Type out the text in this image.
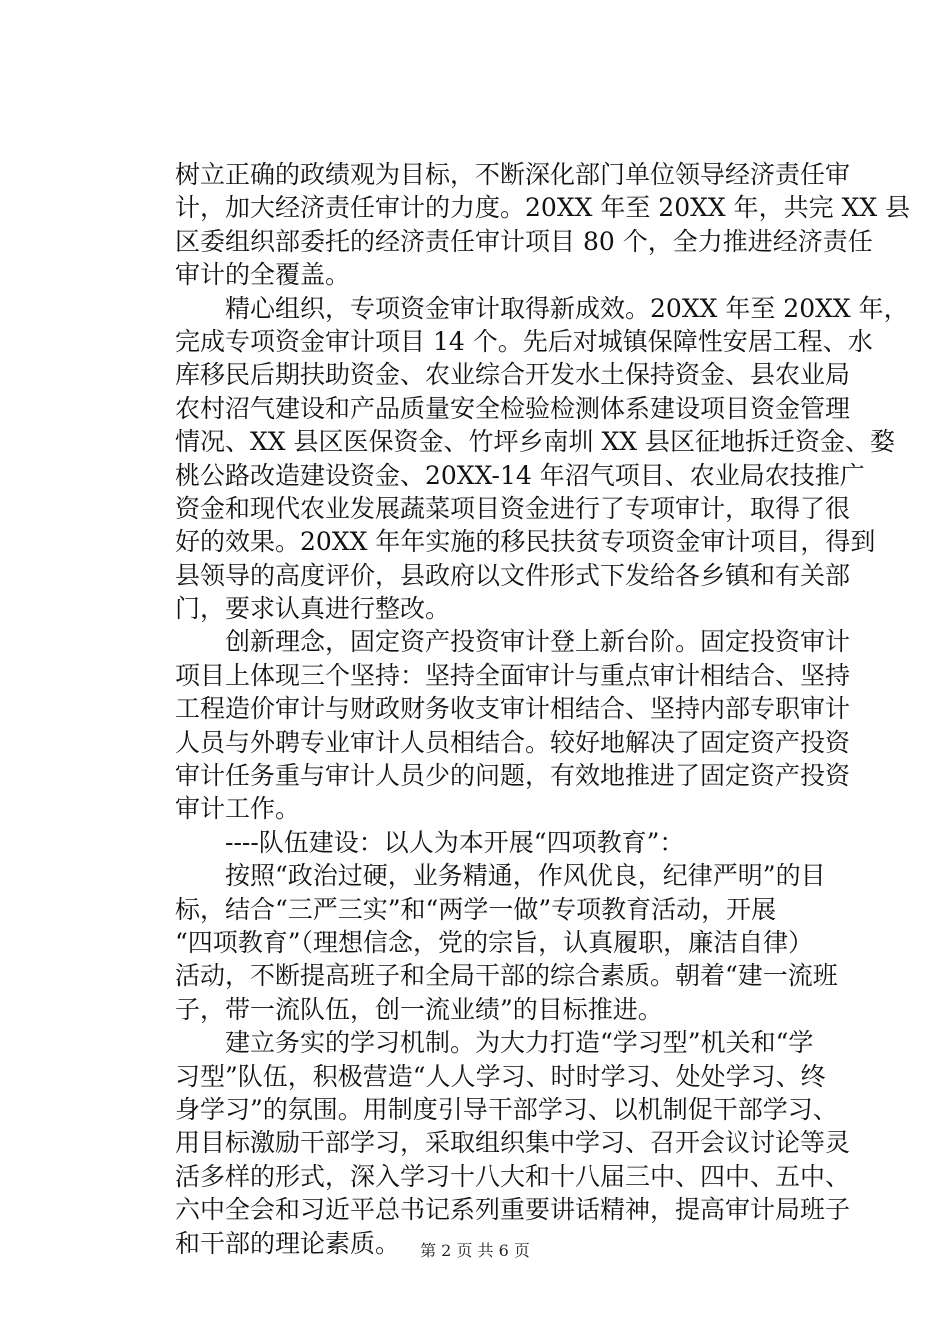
树立正确的政绩观为目标，不断深化部门单位领导经济责任审
计，加大经济责任审计的力度。20XX 年至 20XX 年，共完 XX 县
区委组织部委托的经济责任审计项目 80 个，全力推进经济责任
审计的全覆盖。
　　精心组织，专项资金审计取得新成效。20XX 年至 20XX 年，
完成专项资金审计项目 14 个。先后对城镇保障性安居工程、水
库移民后期扶助资金、农业综合开发水土保持资金、县农业局
农村沼气建设和产品质量安全检验检测体系建设项目资金管理
情况、XX 县区医保资金、竹坪乡南圳 XX 县区征地拆迁资金、婺
桃公路改造建设资金、20XX-14 年沼气项目、农业局农技推广
资金和现代农业发展蔬菜项目资金进行了专项审计，取得了很
好的效果。20XX 年年实施的移民扶贫专项资金审计项目，得到
县领导的高度评价，县政府以文件形式下发给各乡镇和有关部
门，要求认真进行整改。
　　创新理念，固定资产投资审计登上新台阶。固定投资审计
项目上体现三个坚持：坚持全面审计与重点审计相结合、坚持
工程造价审计与财政财务收支审计相结合、坚持内部专职审计
人员与外聘专业审计人员相结合。较好地解决了固定资产投资
审计任务重与审计人员少的问题，有效地推进了固定资产投资
审计工作。
　　----队伍建设：以人为本开展“四项教育”：
　　按照“政治过硬，业务精通，作风优良，纪律严明”的目
标，结合“三严三实”和“两学一做”专项教育活动，开展
“四项教育”（理想信念，党的宗旨，认真履职，廉洁自律）
活动，不断提高班子和全局干部的综合素质。朝着“建一流班
子，带一流队伍，创一流业绩”的目标推进。
　　建立务实的学习机制。为大力打造“学习型”机关和“学
习型”队伍，积极营造“人人学习、时时学习、处处学习、终
身学习”的氛围。用制度引导干部学习、以机制促干部学习、
用目标激励干部学习，采取组织集中学习、召开会议讨论等灵
活多样的形式，深入学习十八大和十八届三中、四中、五中、
六中全会和习近平总书记系列重要讲话精神，提高审计局班子
和干部的理论素质。	第 2 页 共 6 页
